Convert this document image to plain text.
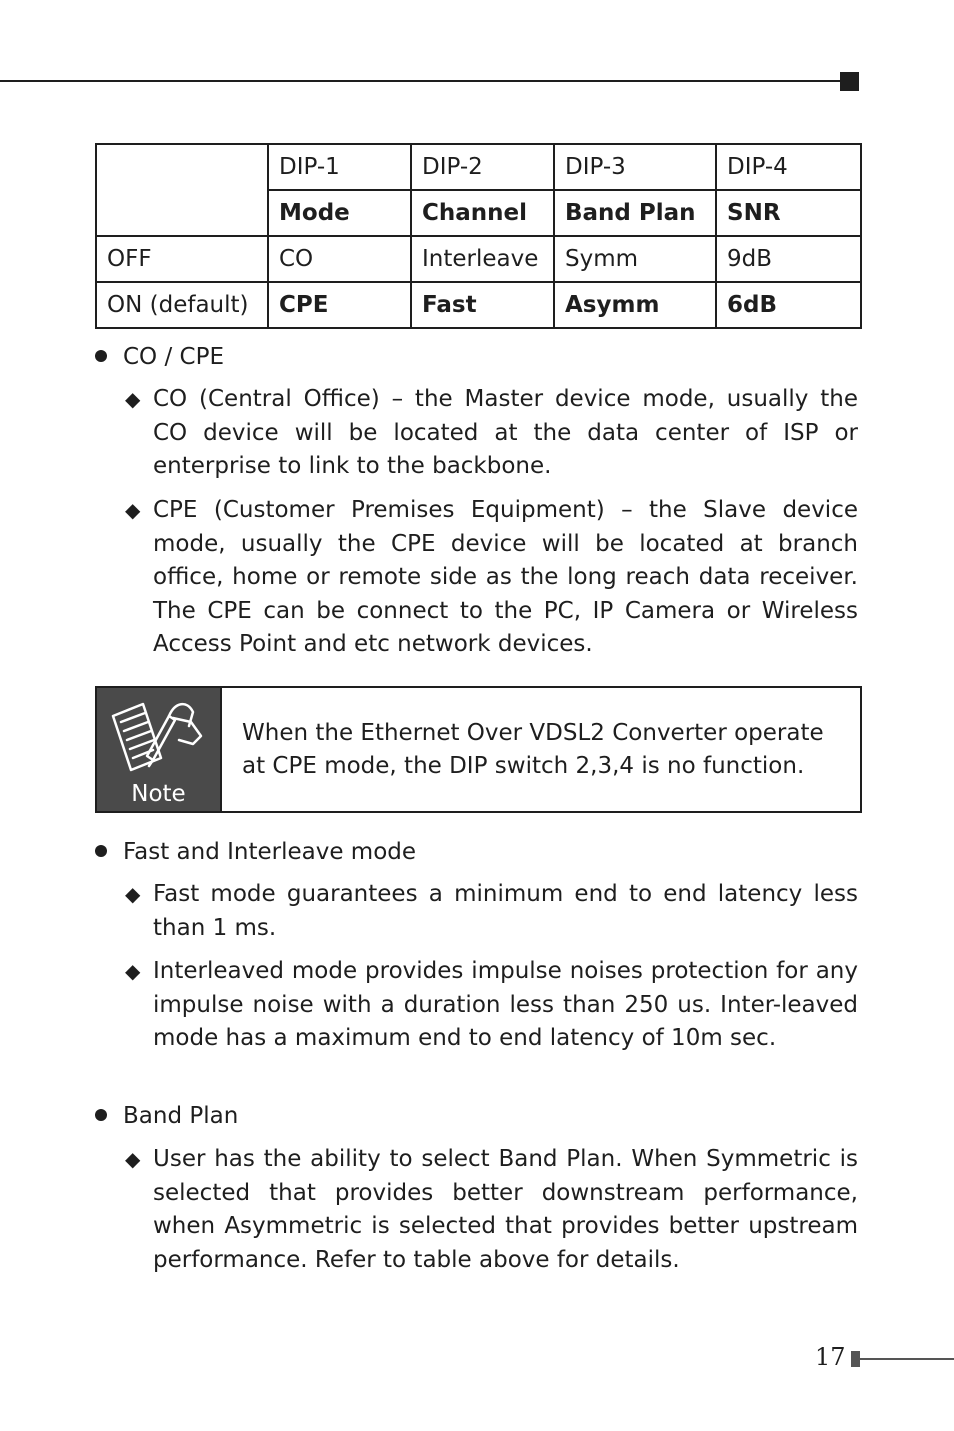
	DIP-1	DIP-2	DIP-3	DIP-4
	Mode	Channel	Band Plan	SNR
OFF	CO	Interleave	Symm	9dB
ON (default)	CPE	Fast	Asymm	6dB
CO / CPE
◆ CO (Central Office) – the Master device mode, usually the CO device will be located at the data center of ISP or enterprise to link to the backbone.
◆ CPE (Customer Premises Equipment) – the Slave device mode, usually the CPE device will be located at branch office, home or remote side as the long reach data receiver. The CPE can be connect to the PC, IP Camera or Wireless Access Point and etc network devices.
Note
When the Ethernet Over VDSL2 Converter operate at CPE mode, the DIP switch 2,3,4 is no function.
Fast and Interleave mode
◆ Fast mode guarantees a minimum end to end latency less than 1 ms.
◆ Interleaved mode provides impulse noises protection for any impulse noise with a duration less than 250 us. Inter-leaved mode has a maximum end to end latency of 10m sec.
Band Plan
◆ User has the ability to select Band Plan. When Symmetric is selected that provides better downstream performance, when Asymmetric is selected that provides better upstream performance. Refer to table above for details.
17
